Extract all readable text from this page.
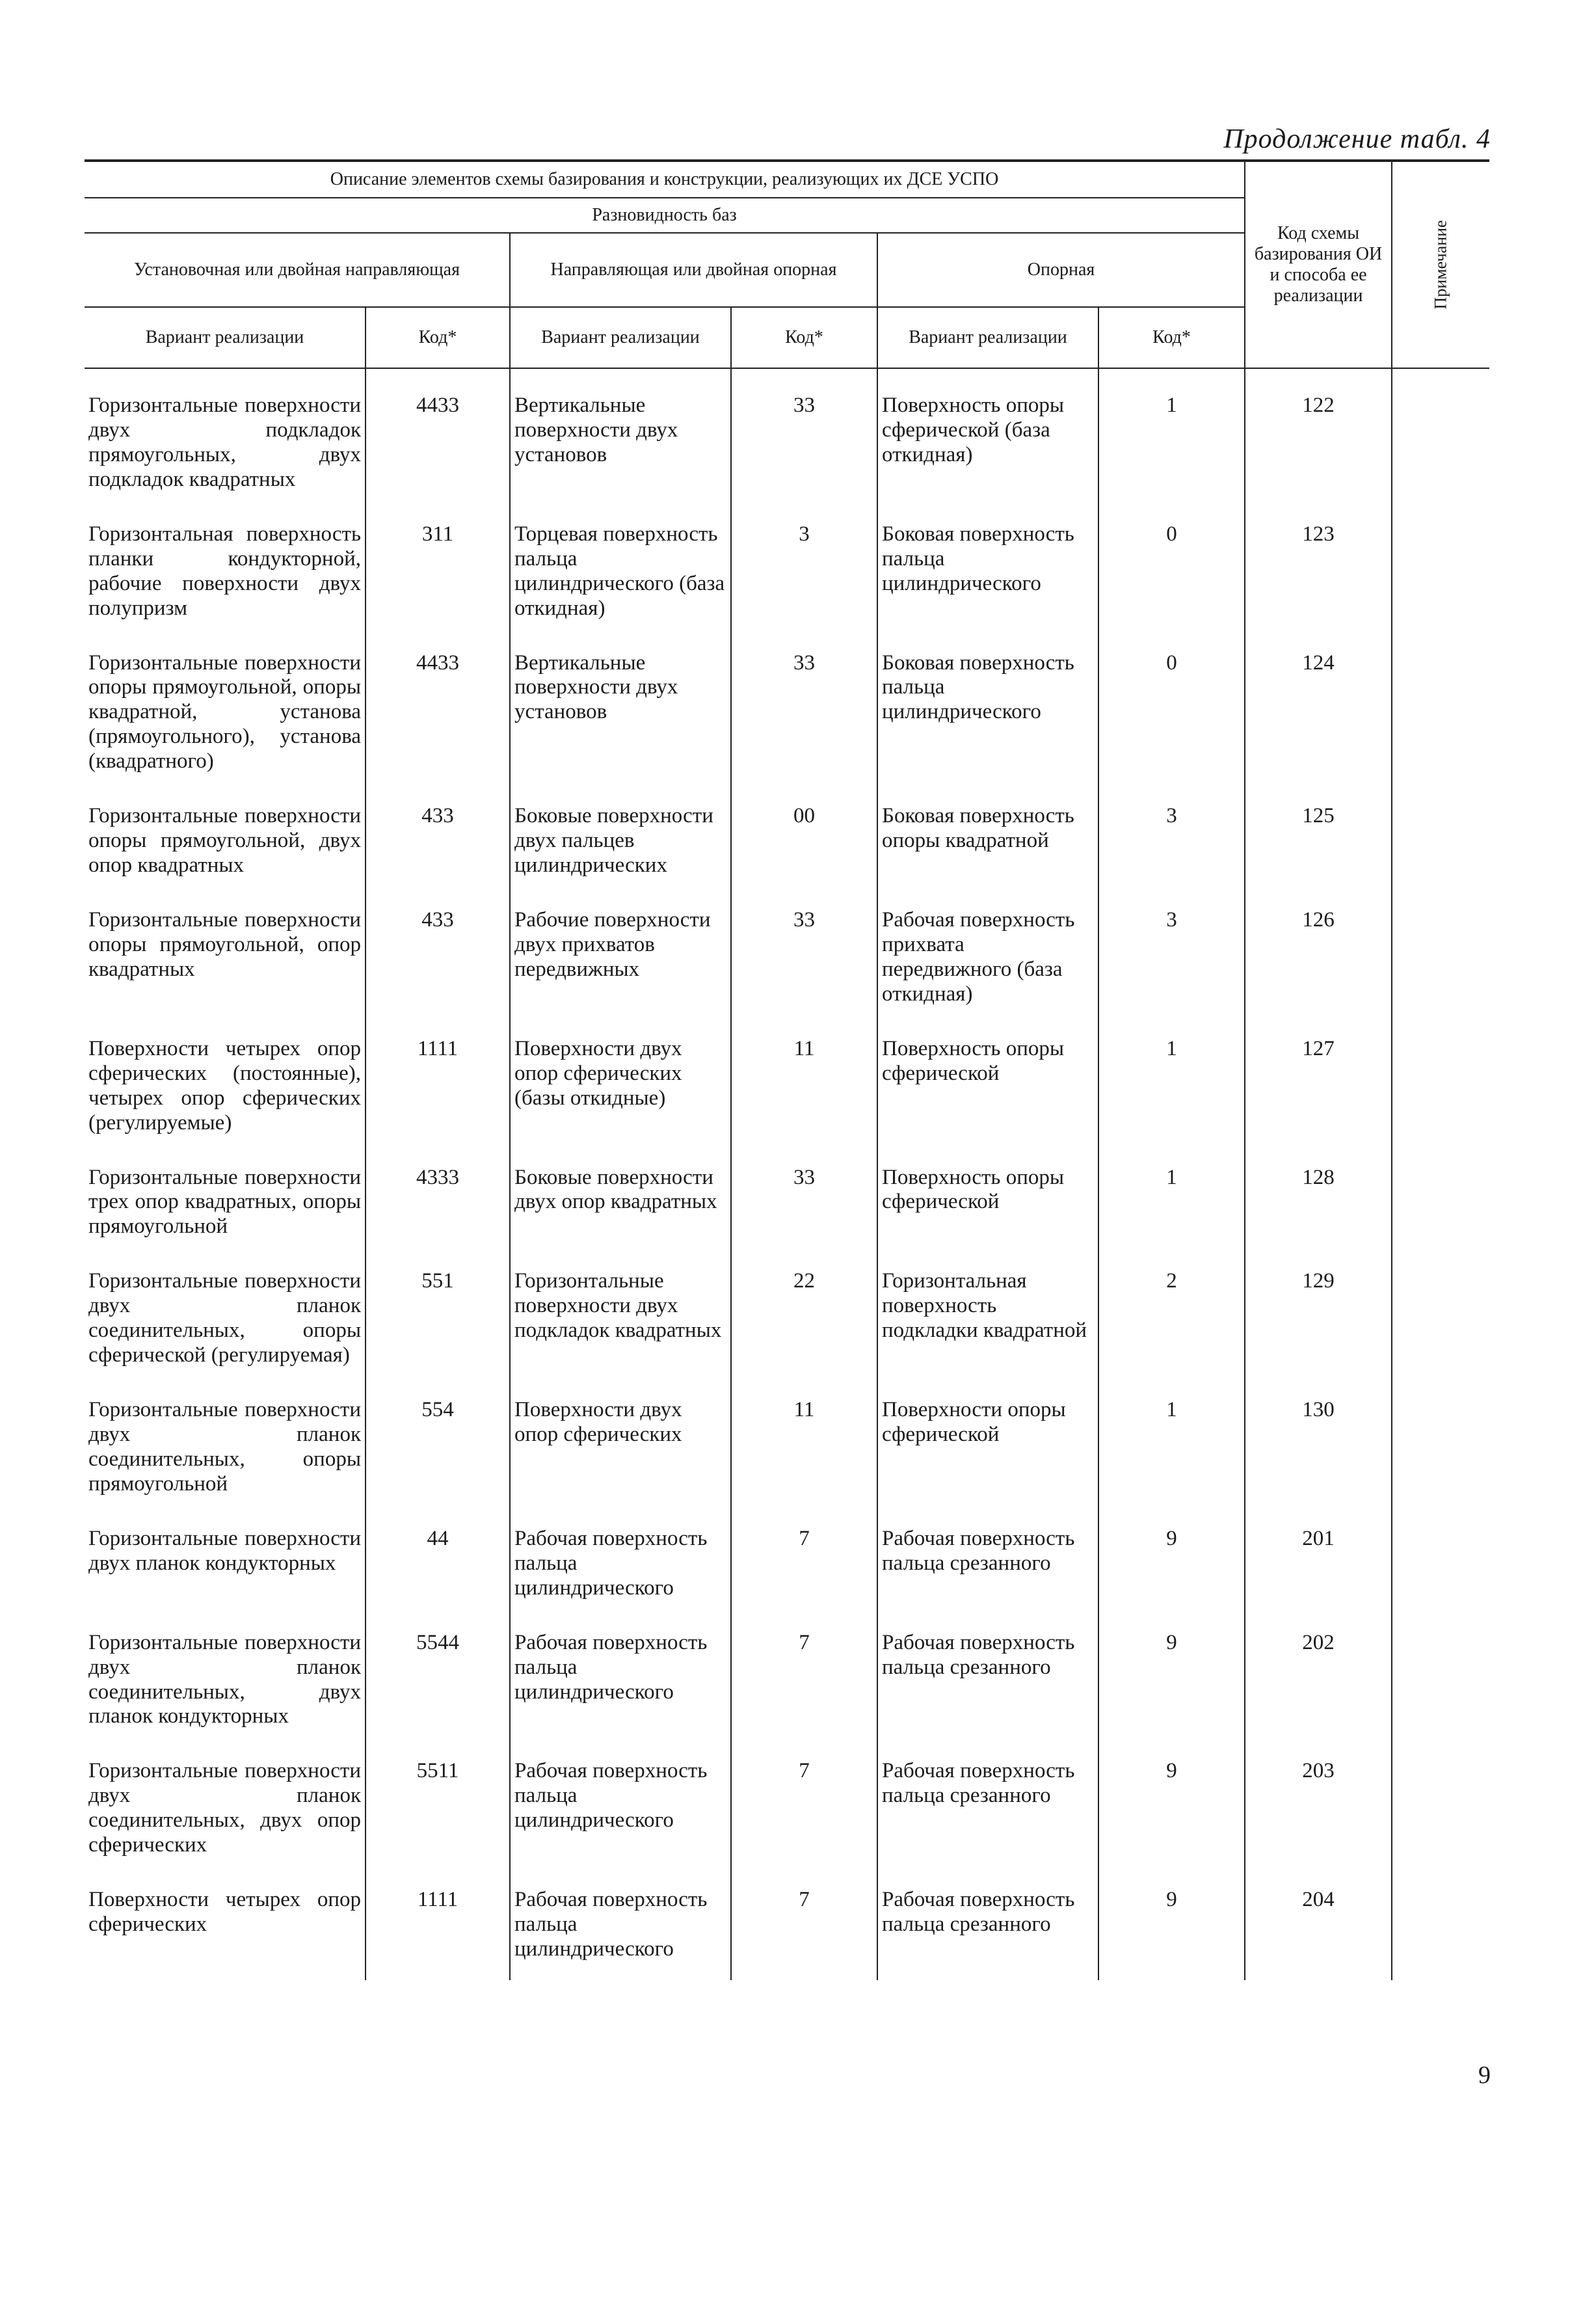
Продолжение табл. 4
Описание элементов схемы базирования и конструкции, реализующих их ДСЕ УСПО						Код схемы базирования ОИ и способа ее реализации	Примечание
Разновидность баз							
Установочная или двойная направляющая		Направляющая или двойная опорная		Опорная			
Вариант реализации	Код*	Вариант реализации	Код*	Вариант реализации	Код*		

Горизонтальные поверхности двух подкладок прямоугольных, двух подкладок квадратных	4433	Вертикальные поверхности двух установов	33	Поверхность опоры сферической (база откидная)	1	122	
Горизонтальная поверхность планки кондукторной, рабочие поверхности двух полупризм	311	Торцевая поверхность пальца цилиндрического (база откидная)	3	Боковая поверхность пальца цилиндрического	0	123	
Горизонтальные поверхности опоры прямоугольной, опоры квадратной, установа (прямоугольного), установа (квадратного)	4433	Вертикальные поверхности двух установов	33	Боковая поверхность пальца цилиндрического	0	124	
Горизонтальные поверхности опоры прямоугольной, двух опор квадратных	433	Боковые поверхности двух пальцев цилиндрических	00	Боковая поверхность опоры квадратной	3	125	
Горизонтальные поверхности опоры прямоугольной, опор квадратных	433	Рабочие поверхности двух прихватов передвижных	33	Рабочая поверхность прихвата передвижного (база откидная)	3	126	
Поверхности четырех опор сферических (постоянные), четырех опор сферических (регулируемые)	1111	Поверхности двух опор сферических (базы откидные)	11	Поверхность опоры сферической	1	127	
Горизонтальные поверхности трех опор квадратных, опоры прямоугольной	4333	Боковые поверхности двух опор квадратных	33	Поверхность опоры сферической	1	128	
Горизонтальные поверхности двух планок соединительных, опоры сферической (регулируемая)	551	Горизонтальные поверхности двух подкладок квадратных	22	Горизонтальная поверхность подкладки квадратной	2	129	
Горизонтальные поверхности двух планок соединительных, опоры прямоугольной	554	Поверхности двух опор сферических	11	Поверхности опоры сферической	1	130	
Горизонтальные поверхности двух планок кондукторных	44	Рабочая поверхность пальца цилиндрического	7	Рабочая поверхность пальца срезанного	9	201	
Горизонтальные поверхности двух планок соединительных, двух планок кондукторных	5544	Рабочая поверхность пальца цилиндрического	7	Рабочая поверхность пальца срезанного	9	202	
Горизонтальные поверхности двух планок соединительных, двух опор сферических	5511	Рабочая поверхность пальца цилиндрического	7	Рабочая поверхность пальца срезанного	9	203	
Поверхности четырех опор сферических	1111	Рабочая поверхность пальца цилиндрического	7	Рабочая поверхность пальца срезанного	9	204	
9
